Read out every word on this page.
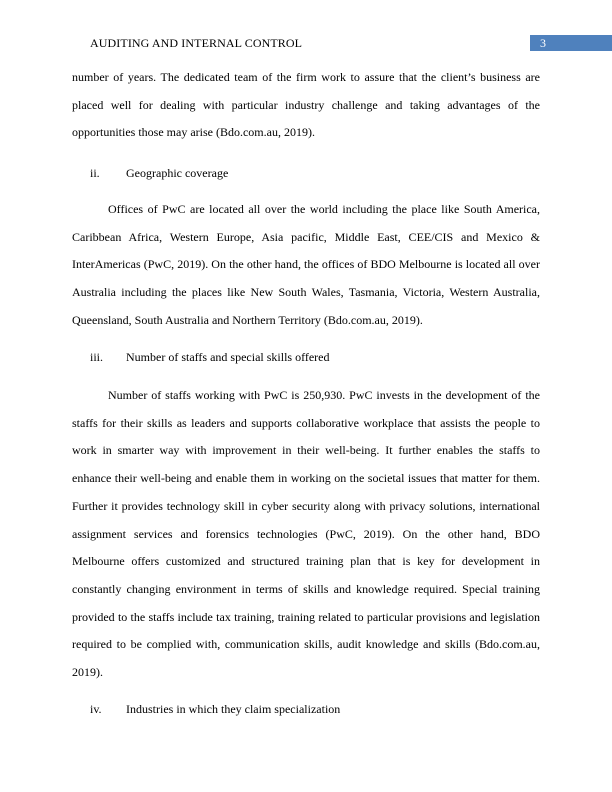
AUDITING AND INTERNAL CONTROL	3

number of years. The dedicated team of the firm work to assure that the client’s business are placed well for dealing with particular industry challenge and taking advantages of the opportunities those may arise (Bdo.com.au, 2019).

ii. Geographic coverage

Offices of PwC are located all over the world including the place like South America, Caribbean Africa, Western Europe, Asia pacific, Middle East, CEE/CIS and Mexico & InterAmericas (PwC, 2019). On the other hand, the offices of BDO Melbourne is located all over Australia including the places like New South Wales, Tasmania, Victoria, Western Australia, Queensland, South Australia and Northern Territory (Bdo.com.au, 2019).

iii. Number of staffs and special skills offered

Number of staffs working with PwC is 250,930. PwC invests in the development of the staffs for their skills as leaders and supports collaborative workplace that assists the people to work in smarter way with improvement in their well-being. It further enables the staffs to enhance their well-being and enable them in working on the societal issues that matter for them. Further it provides technology skill in cyber security along with privacy solutions, international assignment services and forensics technologies (PwC, 2019). On the other hand, BDO Melbourne offers customized and structured training plan that is key for development in constantly changing environment in terms of skills and knowledge required. Special training provided to the staffs include tax training, training related to particular provisions and legislation required to be complied with, communication skills, audit knowledge and skills (Bdo.com.au, 2019).

iv. Industries in which they claim specialization
